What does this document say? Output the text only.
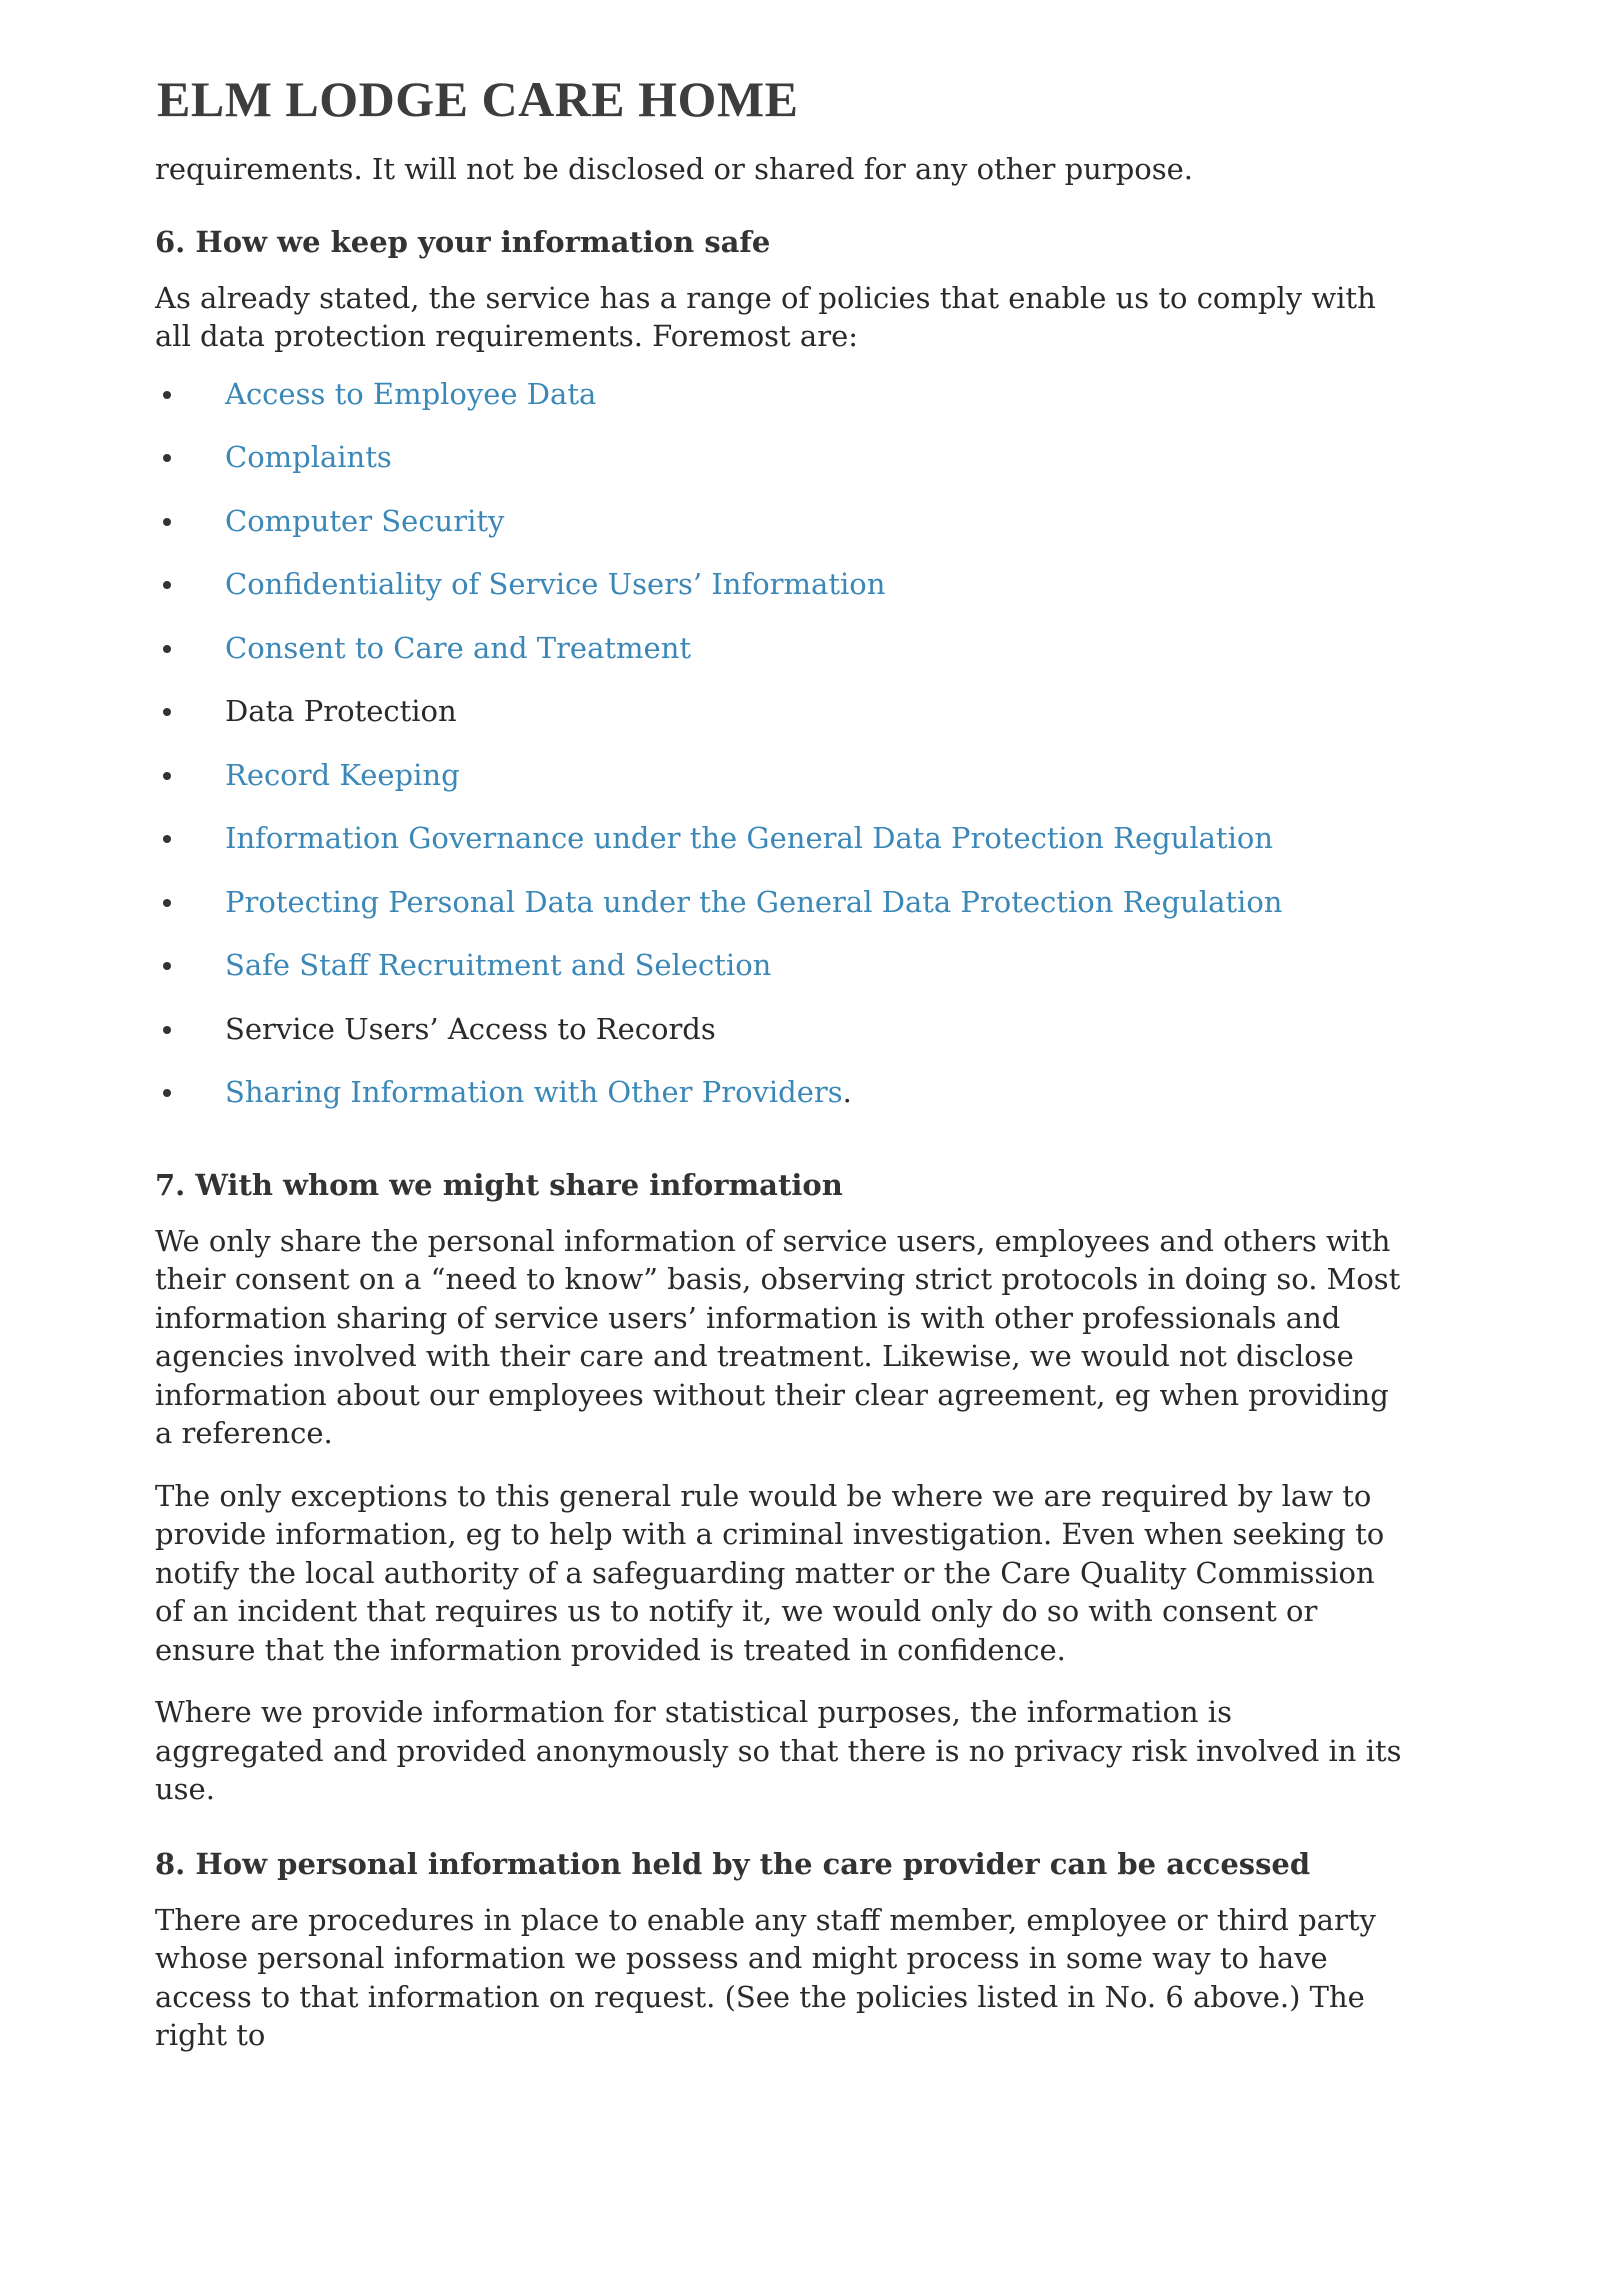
ELM LODGE CARE HOME

requirements. It will not be disclosed or shared for any other purpose.

6. How we keep your information safe

As already stated, the service has a range of policies that enable us to comply with all data protection requirements. Foremost are:

Access to Employee Data
Complaints
Computer Security
Confidentiality of Service Users’ Information
Consent to Care and Treatment
Data Protection
Record Keeping
Information Governance under the General Data Protection Regulation
Protecting Personal Data under the General Data Protection Regulation
Safe Staff Recruitment and Selection
Service Users’ Access to Records
Sharing Information with Other Providers.
7. With whom we might share information

We only share the personal information of service users, employees and others with their consent on a “need to know” basis, observing strict protocols in doing so. Most information sharing of service users’ information is with other professionals and agencies involved with their care and treatment. Likewise, we would not disclose information about our employees without their clear agreement, eg when providing a reference.

The only exceptions to this general rule would be where we are required by law to provide information, eg to help with a criminal investigation. Even when seeking to notify the local authority of a safeguarding matter or the Care Quality Commission of an incident that requires us to notify it, we would only do so with consent or ensure that the information provided is treated in confidence.

Where we provide information for statistical purposes, the information is aggregated and provided anonymously so that there is no privacy risk involved in its use.

8. How personal information held by the care provider can be accessed

There are procedures in place to enable any staff member, employee or third party whose personal information we possess and might process in some way to have access to that information on request. (See the policies listed in No. 6 above.) The right to
